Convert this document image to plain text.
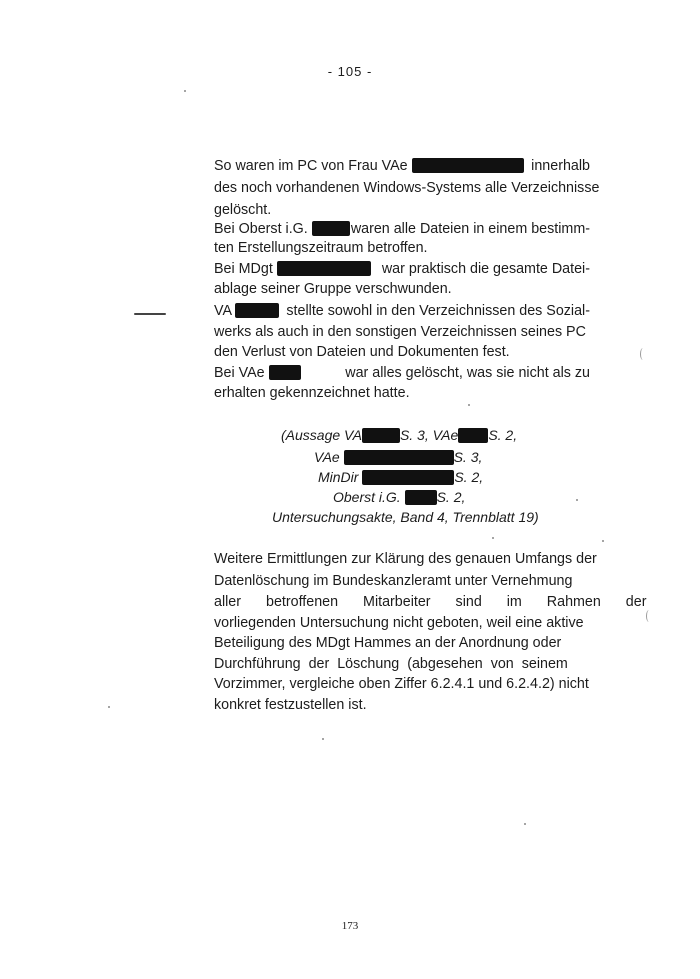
- 105 -
So waren im PC von Frau VAe	innerhalb
des noch vorhandenen Windows-Systems alle Verzeichnisse
gelöscht.
Bei Oberst i.G.	waren alle Dateien in einem bestimm-
ten Erstellungszeitraum betroffen.
Bei MDgt	war praktisch die gesamte Datei-
ablage seiner Gruppe verschwunden.
VA	stellte sowohl in den Verzeichnissen des Sozial-
werks als auch in den sonstigen Verzeichnissen seines PC
den Verlust von Dateien und Dokumenten fest.
Bei VAe	war alles gelöscht, was sie nicht als zu
erhalten gekennzeichnet hatte.
(Aussage VA	S. 3, VAe S. 2,
VAe	S. 3,
MinDir	S. 2,
Oberst i.G.	S. 2,
Untersuchungsakte, Band 4, Trennblatt 19)
Weitere Ermittlungen zur Klärung des genauen Umfangs der
Datenlöschung im Bundeskanzleramt unter Vernehmung
aller betroffenen Mitarbeiter sind im Rahmen der
vorliegenden Untersuchung nicht geboten, weil eine aktive
Beteiligung des MDgt Hammes an der Anordnung oder
Durchführung der Löschung (abgesehen von seinem
Vorzimmer, vergleiche oben Ziffer 6.2.4.1 und 6.2.4.2) nicht
konkret festzustellen ist.
173
